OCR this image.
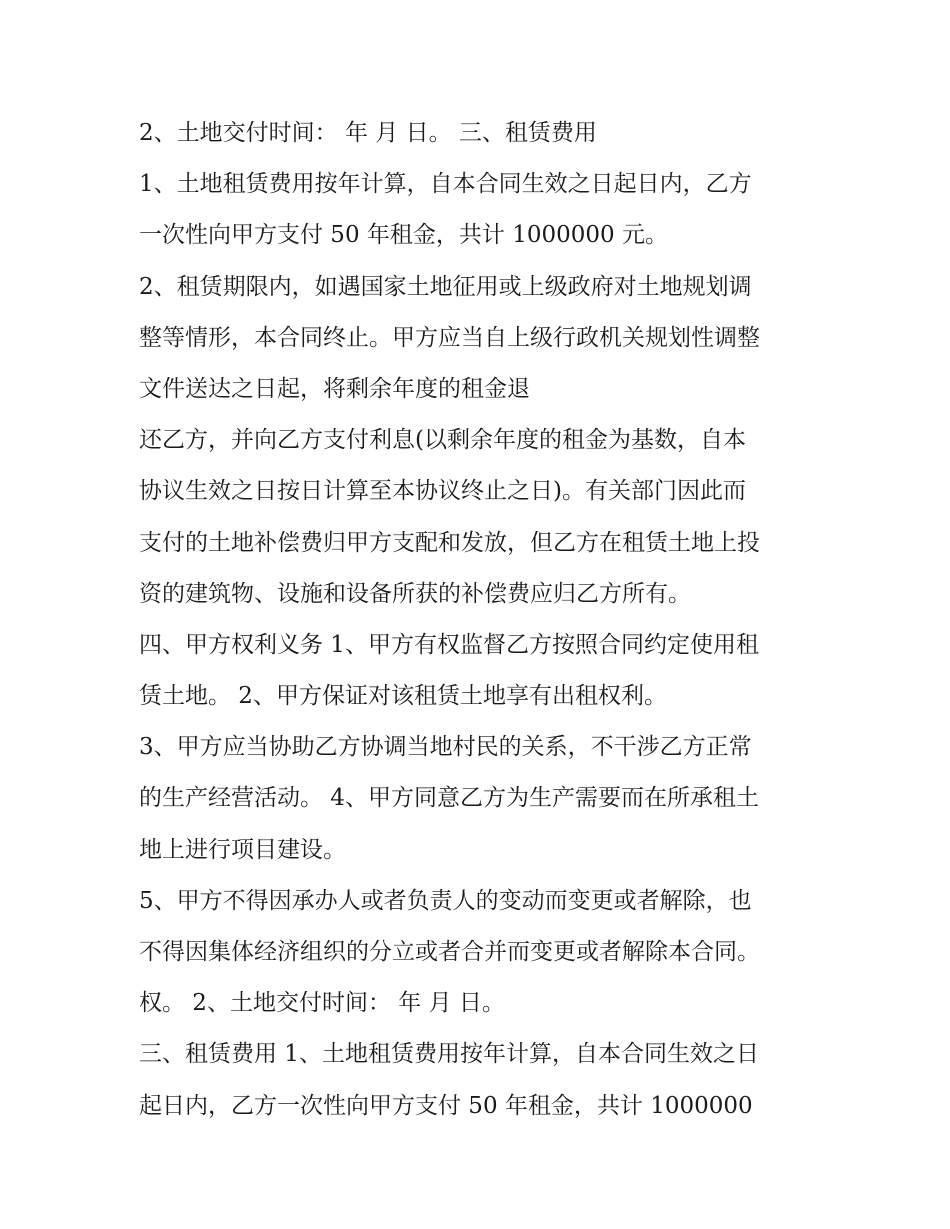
2、土地交付时间： 年 月 日。 三、租赁费用
1、土地租赁费用按年计算，自本合同生效之日起日内，乙方
一次性向甲方支付 50 年租金，共计 1000000 元。
2、租赁期限内，如遇国家土地征用或上级政府对土地规划调
整等情形，本合同终止。甲方应当自上级行政机关规划性调整
文件送达之日起，将剩余年度的租金退
还乙方，并向乙方支付利息(以剩余年度的租金为基数，自本
协议生效之日按日计算至本协议终止之日)。有关部门因此而
支付的土地补偿费归甲方支配和发放，但乙方在租赁土地上投
资的建筑物、设施和设备所获的补偿费应归乙方所有。
四、甲方权利义务 1、甲方有权监督乙方按照合同约定使用租
赁土地。 2、甲方保证对该租赁土地享有出租权利。
3、甲方应当协助乙方协调当地村民的关系，不干涉乙方正常
的生产经营活动。 4、甲方同意乙方为生产需要而在所承租土
地上进行项目建设。
5、甲方不得因承办人或者负责人的变动而变更或者解除，也
不得因集体经济组织的分立或者合并而变更或者解除本合同。
权。 2、土地交付时间： 年 月 日。
三、租赁费用 1、土地租赁费用按年计算，自本合同生效之日
起日内，乙方一次性向甲方支付 50 年租金，共计 1000000
